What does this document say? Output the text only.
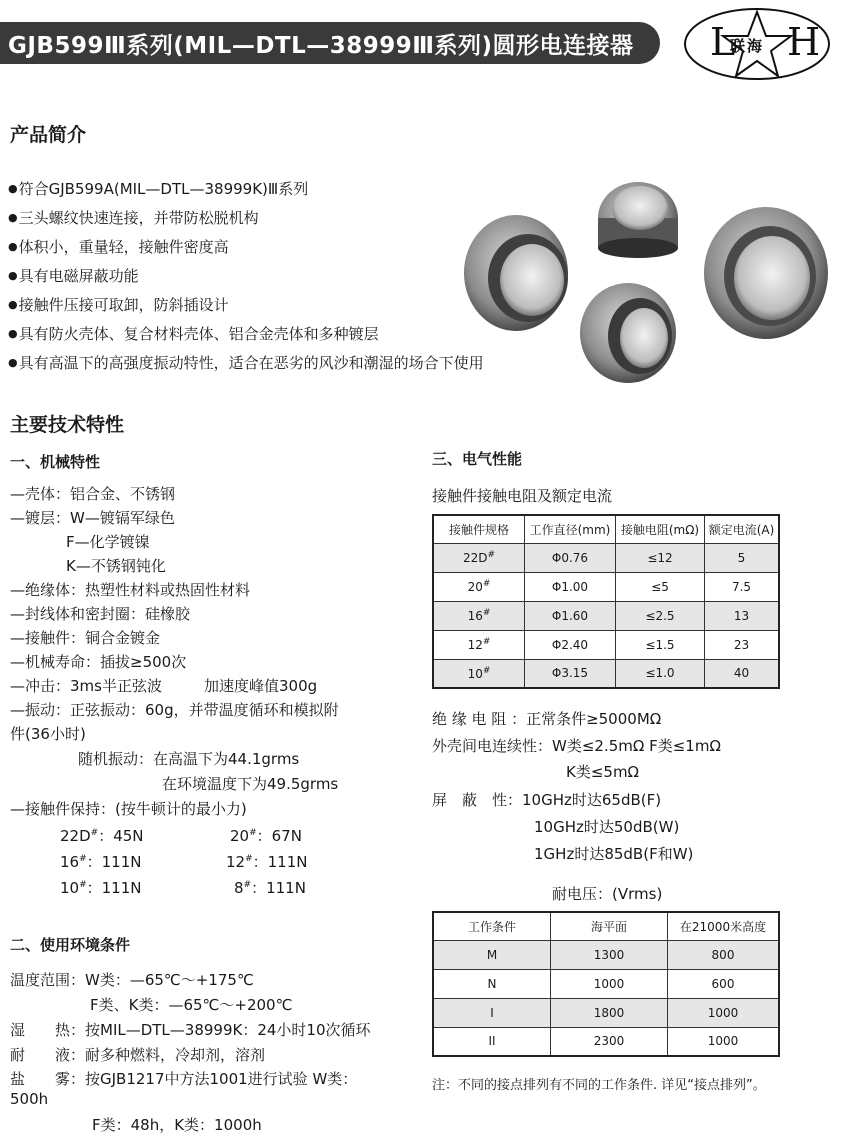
GJB599Ⅲ系列(MIL—DTL—38999Ⅲ系列)圆形电连接器 L
联海 H
产品简介
● 符合GJB599A(MIL—DTL—38999K)Ⅲ系列
● 三头螺纹快速连接，并带防松脱机构
● 体积小，重量轻，接触件密度高
● 具有电磁屏蔽功能
● 接触件压接可取卸，防斜插设计
● 具有防火壳体、复合材料壳体、铝合金壳体和多种镀层
● 具有高温下的高强度振动特性，适合在恶劣的风沙和潮湿的场合下使用
主要技术特性
一、机械特性
—壳体：铝合金、不锈钢
—镀层：W—镀镉军绿色
F—化学镀镍
K—不锈钢钝化
—绝缘体：热塑性材料或热固性材料
—封线体和密封圈：硅橡胶
—接触件：铜合金镀金
—机械寿命：插拔≥500次
—冲击：3ms半正弦波	加速度峰值300g
—振动：正弦振动：60g，并带温度循环和模拟附
件(36小时)
随机振动：在高温下为44.1grms
在环境温度下为49.5grms
—接触件保持：(按牛顿计的最小力)
22D#：45N	20#：67N
16#：111N	12#：111N
10#：111N	8#：111N
二、使用环境条件
温度范围：W类：—65℃～+175℃
F类、K类：—65℃～+200℃
湿　　热：按MIL—DTL—38999K：24小时10次循环
耐　　液：耐多种燃料，冷却剂，溶剂
盐　　雾：按GJB1217中方法1001进行试验 W类：
500h
F类：48h，K类：1000h
三、电气性能
接触件接触电阻及额定电流
接触件规格	工作直径(mm)	接触电阻(mΩ)	额定电流(A)
22D#	Φ0.76	≤12	5
20#	Φ1.00	≤5	7.5
16#	Φ1.60	≤2.5	13
12#	Φ2.40	≤1.5	23
10#	Φ3.15	≤1.0	40
绝 缘 电 阻 ：正常条件≥5000MΩ
外壳间电连续性：W类≤2.5mΩ F类≤1mΩ
K类≤5mΩ
屏　蔽　性：10GHz时达65dB(F)
10GHz时达50dB(W)
1GHz时达85dB(F和W)
耐电压：(Vrms)
工作条件	海平面	在21000米高度
M	1300	800
N	1000	600
I	1800	1000
II	2300	1000
注：不同的接点排列有不同的工作条件. 详见“接点排列”。
